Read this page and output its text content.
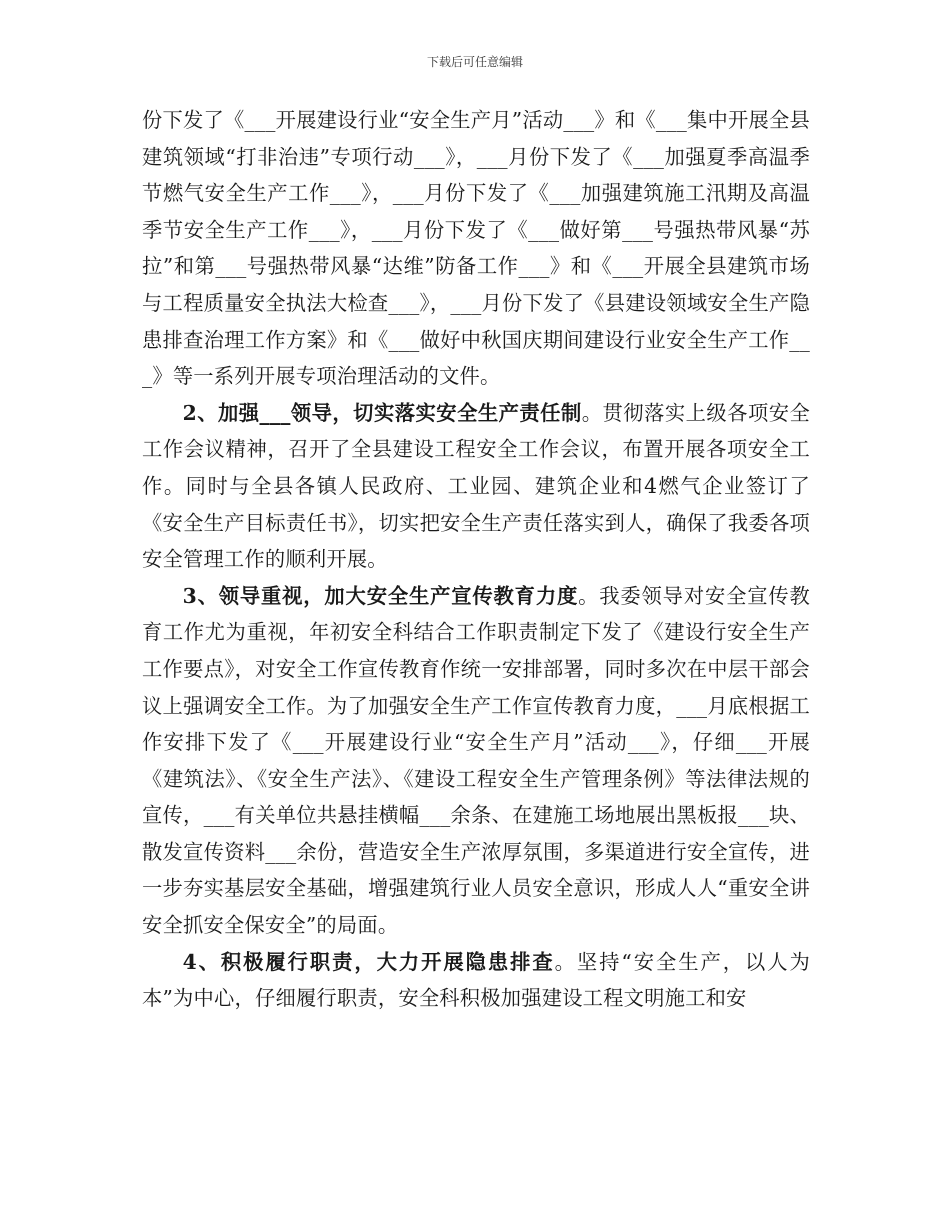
下载后可任意编辑

份下发了《___开展建设行业“安全生产月”活动___》和《___集中开展全县建筑领域“打非治违”专项行动___》，___月份下发了《___加强夏季高温季节燃气安全生产工作___》，___月份下发了《___加强建筑施工汛期及高温季节安全生产工作___》，___月份下发了《___做好第___号强热带风暴“苏拉”和第___号强热带风暴“达维”防备工作___》和《___开展全县建筑市场与工程质量安全执法大检查___》，___月份下发了《县建设领域安全生产隐患排查治理工作方案》和《___做好中秋国庆期间建设行业安全生产工作___》等一系列开展专项治理活动的文件。

2、加强___领导，切实落实安全生产责任制。贯彻落实上级各项安全工作会议精神，召开了全县建设工程安全工作会议，布置开展各项安全工作。同时与全县各镇人民政府、工业园、建筑企业和4燃气企业签订了《安全生产目标责任书》，切实把安全生产责任落实到人，确保了我委各项安全管理工作的顺利开展。

3、领导重视，加大安全生产宣传教育力度。我委领导对安全宣传教育工作尤为重视，年初安全科结合工作职责制定下发了《建设行安全生产工作要点》，对安全工作宣传教育作统一安排部署，同时多次在中层干部会议上强调安全工作。为了加强安全生产工作宣传教育力度，___月底根据工作安排下发了《___开展建设行业“安全生产月”活动___》，仔细___开展《建筑法》、《安全生产法》、《建设工程安全生产管理条例》等法律法规的宣传，___有关单位共悬挂横幅___余条、在建施工场地展出黑板报___块、散发宣传资料___余份，营造安全生产浓厚氛围，多渠道进行安全宣传，进一步夯实基层安全基础，增强建筑行业人员安全意识，形成人人“重安全讲安全抓安全保安全”的局面。

4、积极履行职责，大力开展隐患排查。坚持“安全生产，以人为本”为中心，仔细履行职责，安全科积极加强建设工程文明施工和安
